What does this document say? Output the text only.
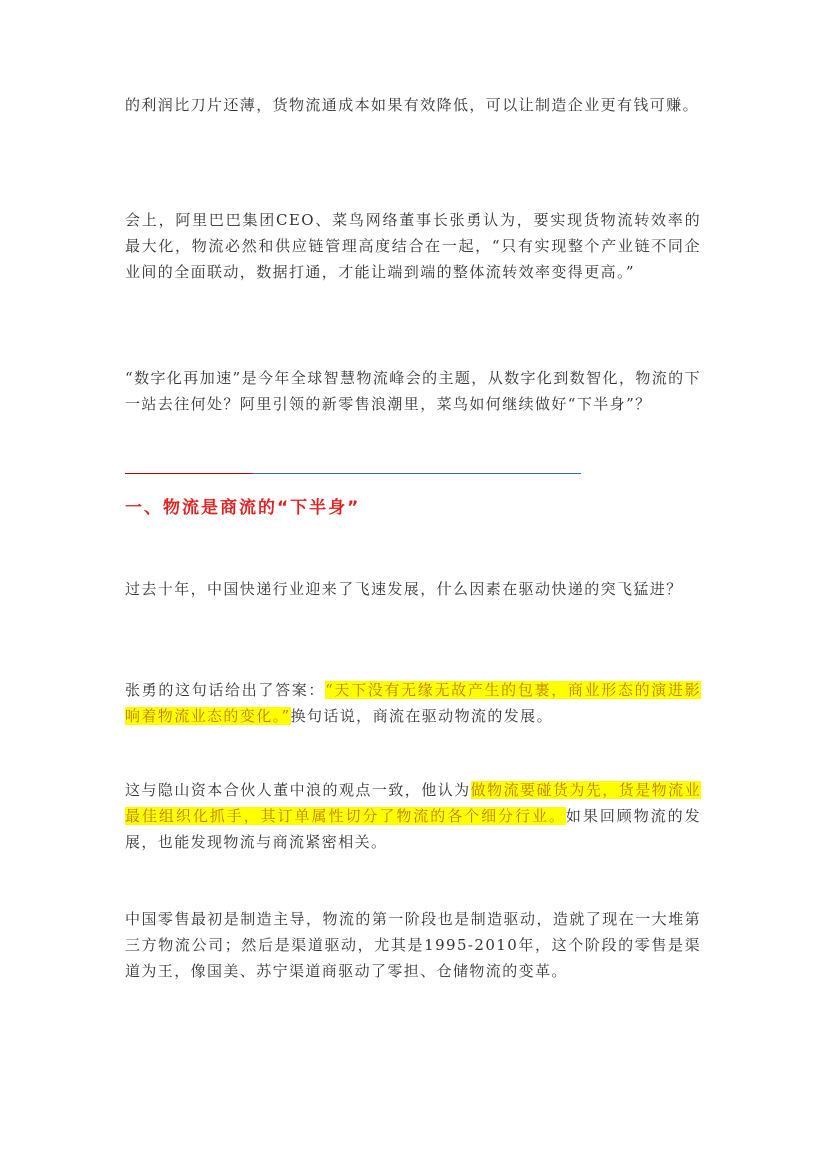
的利润比刀片还薄，货物流通成本如果有效降低，可以让制造企业更有钱可赚。

会上，阿里巴巴集团CEO、菜鸟网络董事长张勇认为，要实现货物流转效率的最大化，物流必然和供应链管理高度结合在一起，“只有实现整个产业链不同企业间的全面联动，数据打通，才能让端到端的整体流转效率变得更高。”

“数字化再加速”是今年全球智慧物流峰会的主题，从数字化到数智化，物流的下一站去往何处？阿里引领的新零售浪潮里，菜鸟如何继续做好“下半身”？

一、物流是商流的“下半身”

过去十年，中国快递行业迎来了飞速发展，什么因素在驱动快递的突飞猛进？

张勇的这句话给出了答案：“天下没有无缘无故产生的包裹，商业形态的演进影响着物流业态的变化。”换句话说，商流在驱动物流的发展。

这与隐山资本合伙人董中浪的观点一致，他认为做物流要碰货为先，货是物流业最佳组织化抓手，其订单属性切分了物流的各个细分行业。如果回顾物流的发展，也能发现物流与商流紧密相关。

中国零售最初是制造主导，物流的第一阶段也是制造驱动，造就了现在一大堆第三方物流公司；然后是渠道驱动，尤其是1995-2010年，这个阶段的零售是渠道为王，像国美、苏宁渠道商驱动了零担、仓储物流的变革。
